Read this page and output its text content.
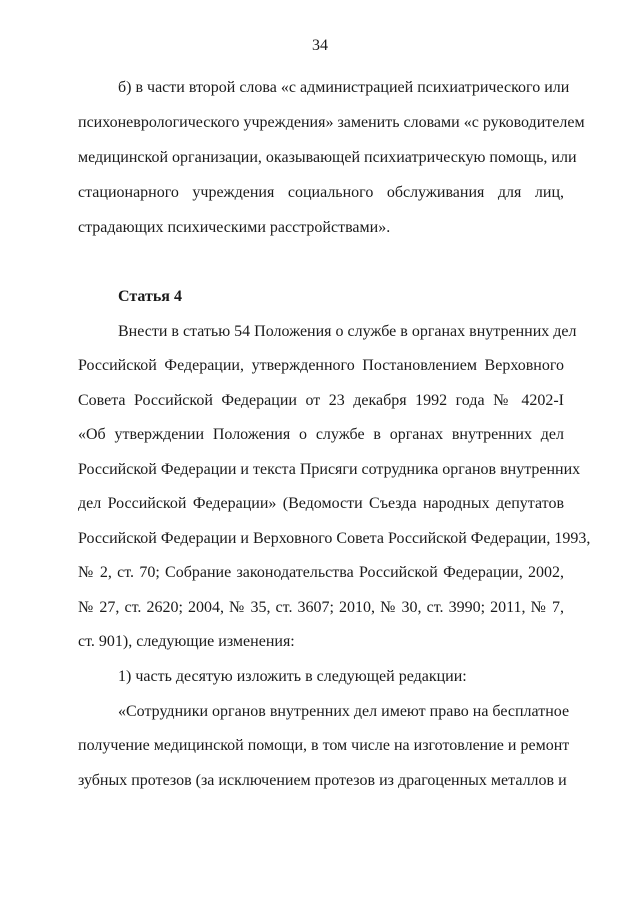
34
б) в части второй слова «с администрацией психиатрического или
психоневрологического учреждения» заменить словами «с руководителем
медицинской организации, оказывающей психиатрическую помощь, или
стационарного учреждения социального обслуживания для лиц,
страдающих психическими расстройствами».
Статья 4
Внести в статью 54 Положения о службе в органах внутренних дел
Российской Федерации, утвержденного Постановлением Верховного
Совета Российской Федерации от 23 декабря 1992 года № 4202-I
«Об утверждении Положения о службе в органах внутренних дел
Российской Федерации и текста Присяги сотрудника органов внутренних
дел Российской Федерации» (Ведомости Съезда народных депутатов
Российской Федерации и Верховного Совета Российской Федерации, 1993,
№ 2, ст. 70; Собрание законодательства Российской Федерации, 2002,
№ 27, ст. 2620; 2004, № 35, ст. 3607; 2010, № 30, ст. 3990; 2011, № 7,
ст. 901), следующие изменения:
1) часть десятую изложить в следующей редакции:
«Сотрудники органов внутренних дел имеют право на бесплатное
получение медицинской помощи, в том числе на изготовление и ремонт
зубных протезов (за исключением протезов из драгоценных металлов и
